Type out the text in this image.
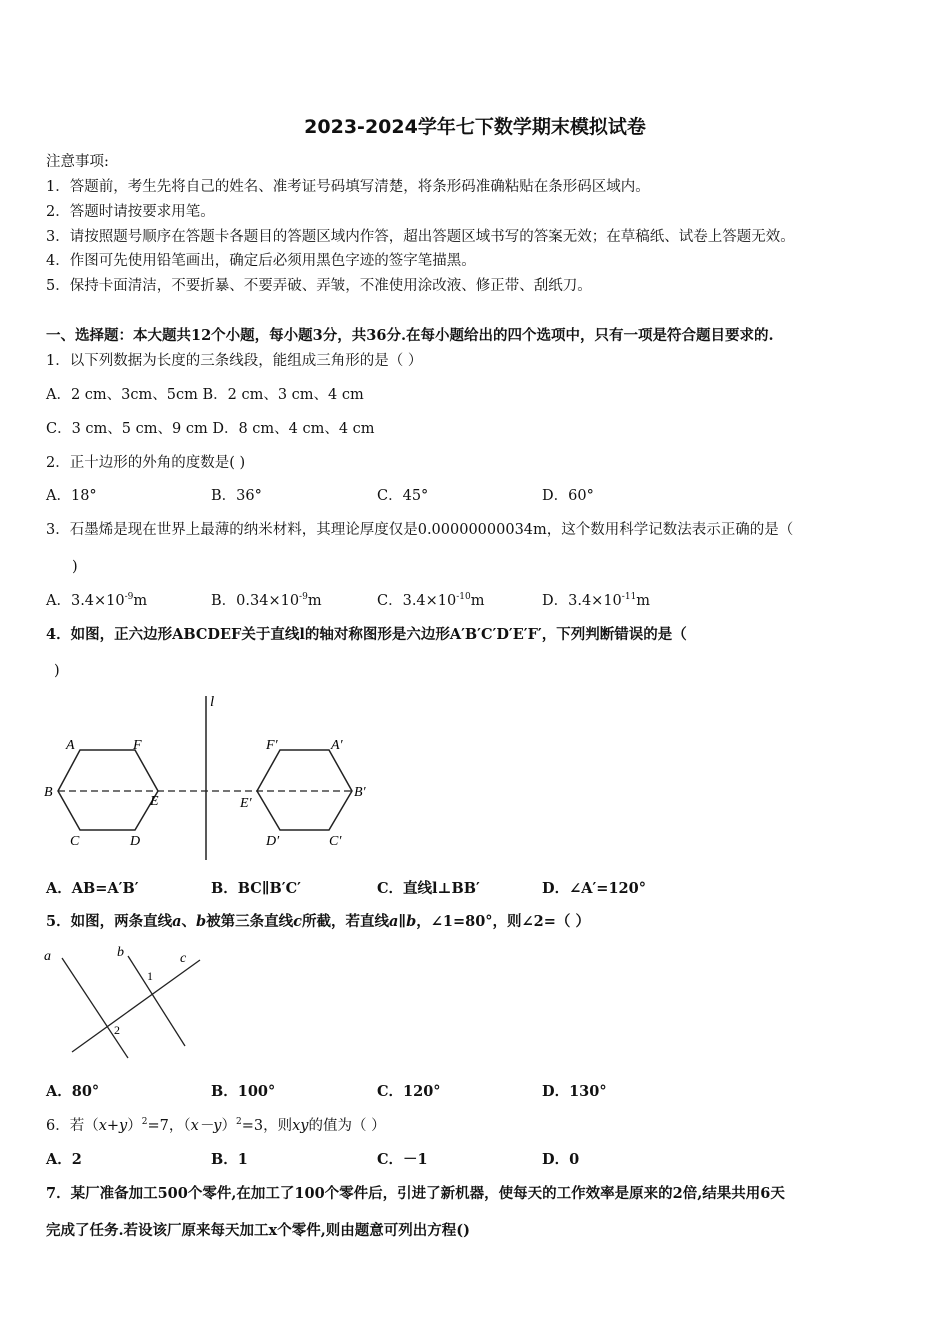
2023-2024学年七下数学期末模拟试卷
注意事项:
1．答题前，考生先将自己的姓名、准考证号码填写清楚，将条形码准确粘贴在条形码区域内。
2．答题时请按要求用笔。
3．请按照题号顺序在答题卡各题目的答题区域内作答，超出答题区域书写的答案无效；在草稿纸、试卷上答题无效。
4．作图可先使用铅笔画出，确定后必须用黑色字迹的签字笔描黑。
5．保持卡面清洁，不要折暴、不要弄破、弄皱，不准使用涂改液、修正带、刮纸刀。
一、选择题：本大题共12个小题，每小题3分，共36分.在每小题给出的四个选项中，只有一项是符合题目要求的.
1．以下列数据为长度的三条线段，能组成三角形的是（ ）
A．2 cm、3cm、5cm B．2 cm、3 cm、4 cm
C．3 cm、5 cm、9 cm D．8 cm、4 cm、4 cm
2．正十边形的外角的度数是( )
A．18°	B．36°	C．45°	D．60°
3．石墨烯是现在世界上最薄的纳米材料，其理论厚度仅是0.00000000034m，这个数用科学记数法表示正确的是（
)
A．$3.4\times 10^{-9}m$	B．$0.34\times 10^{-9}m$	C．$3.4\times 10^{-10}m$	D．$3.4\times 10^{-11}m$
4．如图，正六边形ABCDEF关于直线l的轴对称图形是六边形A′B′C′D′E′F′，下列判断错误的是（
)
l
A	F
B
E
C	D
F′	A′
E′
B′
D′	C′
A．AB=A′B′	B．BC∥B′C′	C．直线l⊥BB′	D．∠A′=120°
5．如图，两条直线a、b被第三条直线c所截，若直线a∥b，∠1=80°，则∠2=（ ）
a	b	c
1
2
A．80°	B．100°	C．120°	D．130°
6．若$(x+y)^2=7$，$(x-y)^2=3$，则xy的值为（ ）
A．2	B．1	C．－1	D．0
7．某厂准备加工500个零件,在加工了100个零件后，引进了新机器，使每天的工作效率是原来的2倍,结果共用6天
完成了任务.若设该厂原来每天加工x个零件,则由题意可列出方程()
